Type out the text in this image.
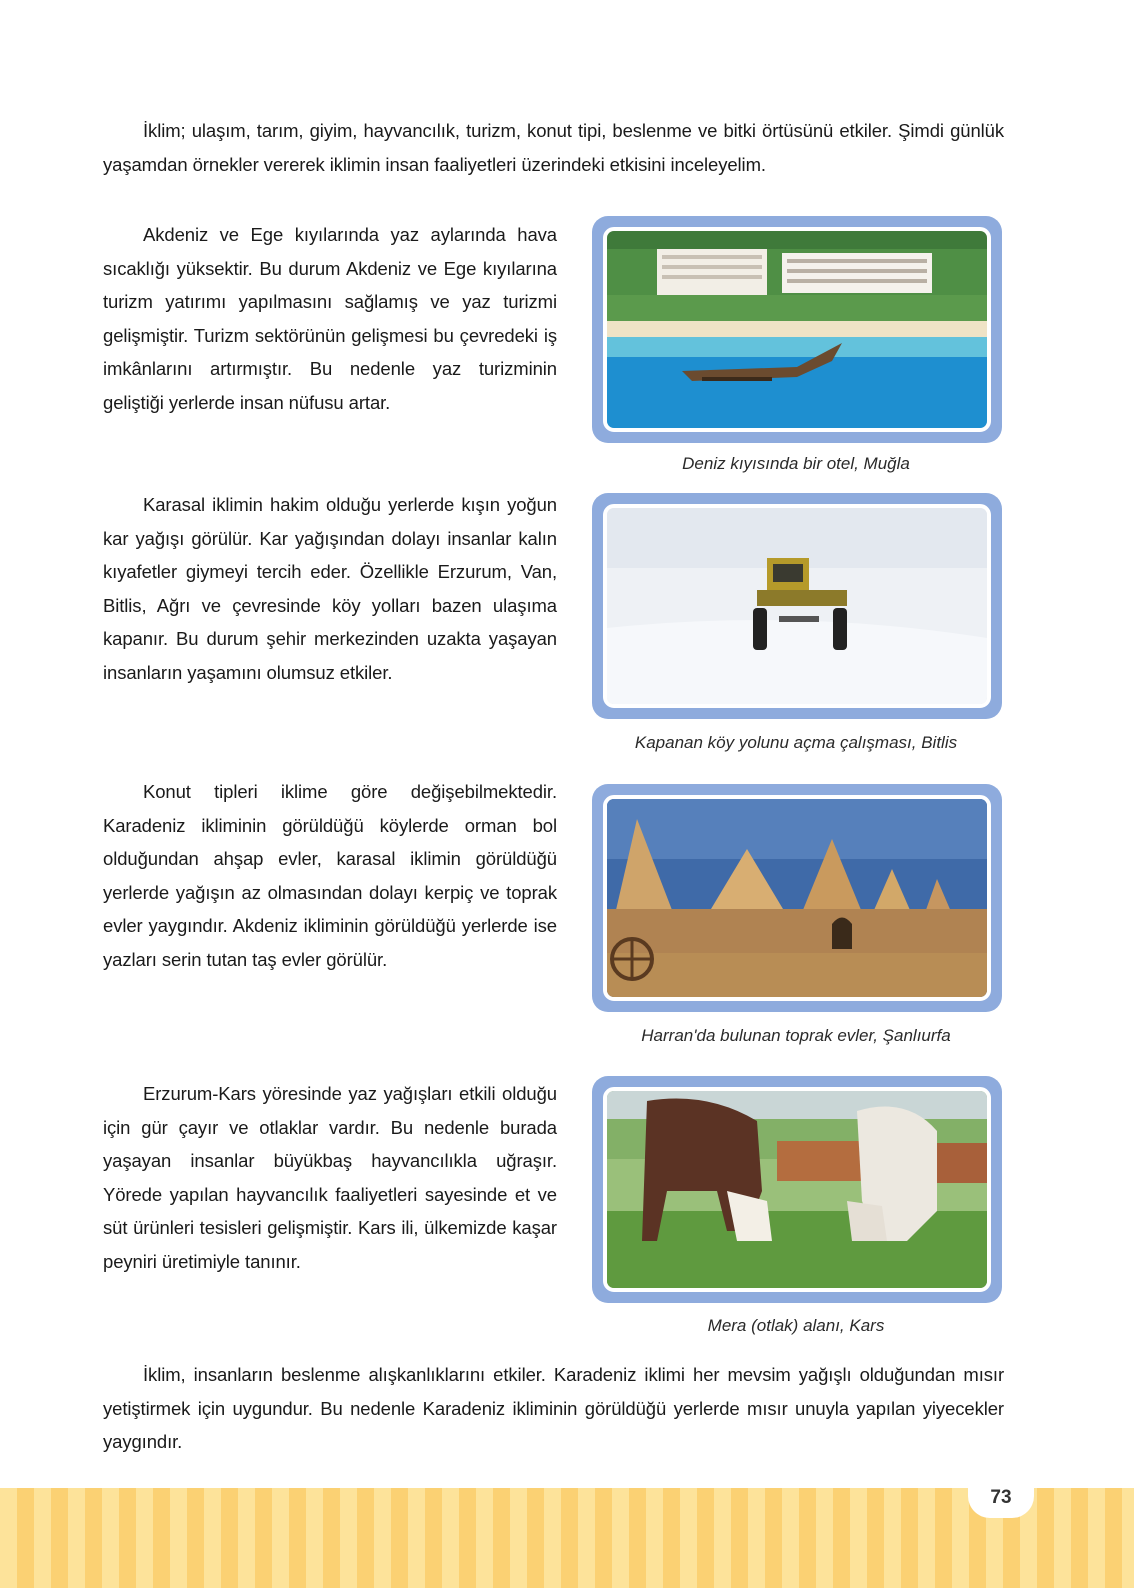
İklim; ulaşım, tarım, giyim, hayvancılık, turizm, konut tipi, beslenme ve bitki örtüsünü etkiler. Şimdi günlük yaşamdan örnekler vererek iklimin insan faaliyetleri üzerindeki etkisini inceleyelim.

Akdeniz ve Ege kıyılarında yaz aylarında hava sıcaklığı yüksektir. Bu durum Akdeniz ve Ege kıyılarına turizm yatırımı yapılmasını sağlamış ve yaz turizmi gelişmiştir. Turizm sektörünün gelişmesi bu çevredeki iş imkânlarını artırmıştır. Bu nedenle yaz turizminin geliştiği yerlerde insan nüfusu artar.

Deniz kıyısında bir otel, Muğla

Karasal iklimin hakim olduğu yerlerde kışın yoğun kar yağışı görülür. Kar yağışından dolayı insanlar kalın kıyafetler giymeyi tercih eder. Özellikle Erzurum, Van, Bitlis, Ağrı ve çevresinde köy yolları bazen ulaşıma kapanır. Bu durum şehir merkezinden uzakta yaşayan insanların yaşamını olumsuz etkiler.

Kapanan köy yolunu açma çalışması, Bitlis

Konut tipleri iklime göre değişebilmektedir. Karadeniz ikliminin görüldüğü köylerde orman bol olduğundan ahşap evler, karasal iklimin görüldüğü yerlerde yağışın az olmasından dolayı kerpiç ve toprak evler yaygındır. Akdeniz ikliminin görüldüğü yerlerde ise yazları serin tutan taş evler görülür.

Harran'da bulunan toprak evler, Şanlıurfa

Erzurum-Kars yöresinde yaz yağışları etkili olduğu için gür çayır ve otlaklar vardır. Bu nedenle burada yaşayan insanlar büyükbaş hayvancılıkla uğraşır. Yörede yapılan hayvancılık faaliyetleri sayesinde et ve süt ürünleri tesisleri gelişmiştir. Kars ili, ülkemizde kaşar peyniri üretimiyle tanınır.

Mera (otlak) alanı, Kars

İklim, insanların beslenme alışkanlıklarını etkiler. Karadeniz iklimi her mevsim yağışlı olduğundan mısır yetiştirmek için uygundur. Bu nedenle Karadeniz ikliminin görüldüğü yerlerde mısır unuyla yapılan yiyecekler yaygındır.

73
